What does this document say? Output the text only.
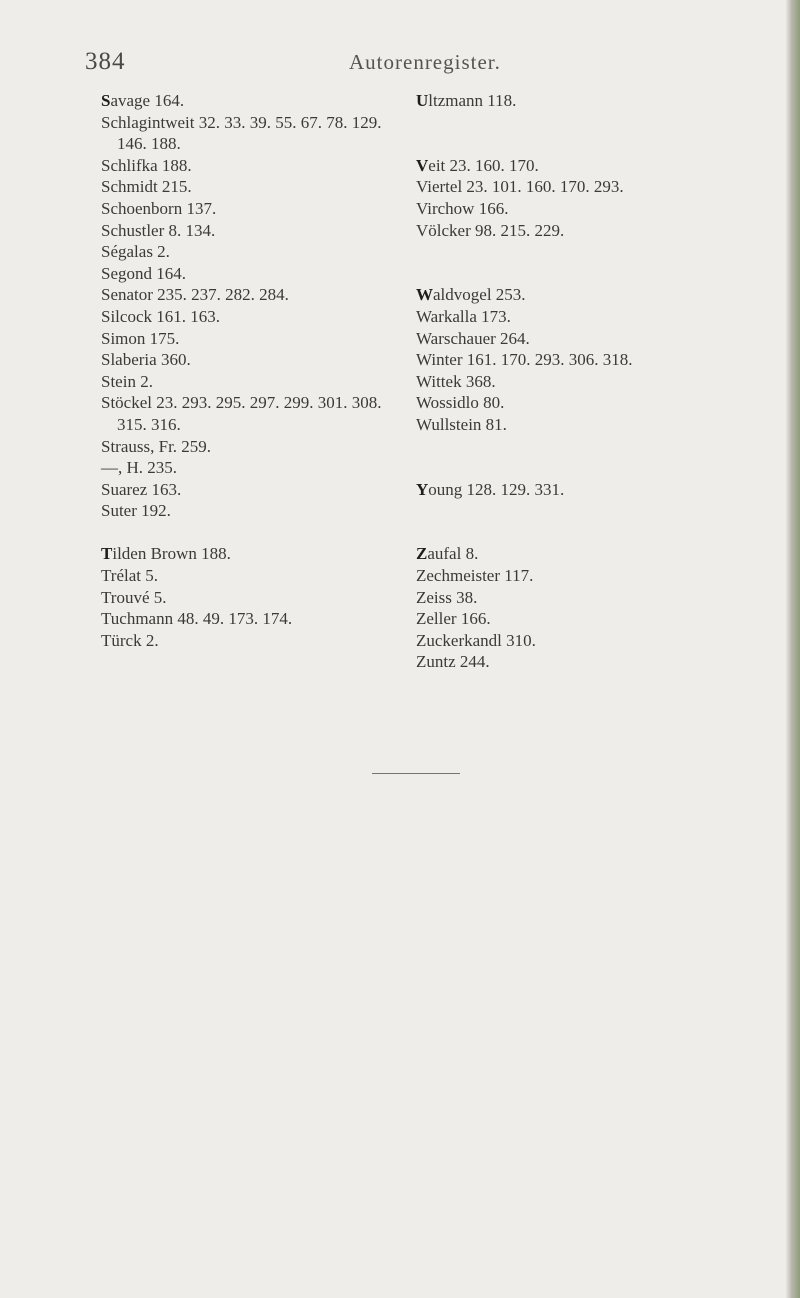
384	Autorenregister.
Savage 164.
Schlagintweit 32. 33. 39. 55. 67. 78. 129.
146. 188.
Schlifka 188.
Schmidt 215.
Schoenborn 137.
Schustler 8. 134.
Ségalas 2.
Segond 164.
Senator 235. 237. 282. 284.
Silcock 161. 163.
Simon 175.
Slaberia 360.
Stein 2.
Stöckel 23. 293. 295. 297. 299. 301. 308.
315. 316.
Strauss, Fr. 259.
—, H. 235.
Suarez 163.
Suter 192.
Tilden Brown 188.
Trélat 5.
Trouvé 5.
Tuchmann 48. 49. 173. 174.
Türck 2.
Ultzmann 118.
Veit 23. 160. 170.
Viertel 23. 101. 160. 170. 293.
Virchow 166.
Völcker 98. 215. 229.
Waldvogel 253.
Warkalla 173.
Warschauer 264.
Winter 161. 170. 293. 306. 318.
Wittek 368.
Wossidlo 80.
Wullstein 81.
Young 128. 129. 331.
Zaufal 8.
Zechmeister 117.
Zeiss 38.
Zeller 166.
Zuckerkandl 310.
Zuntz 244.
